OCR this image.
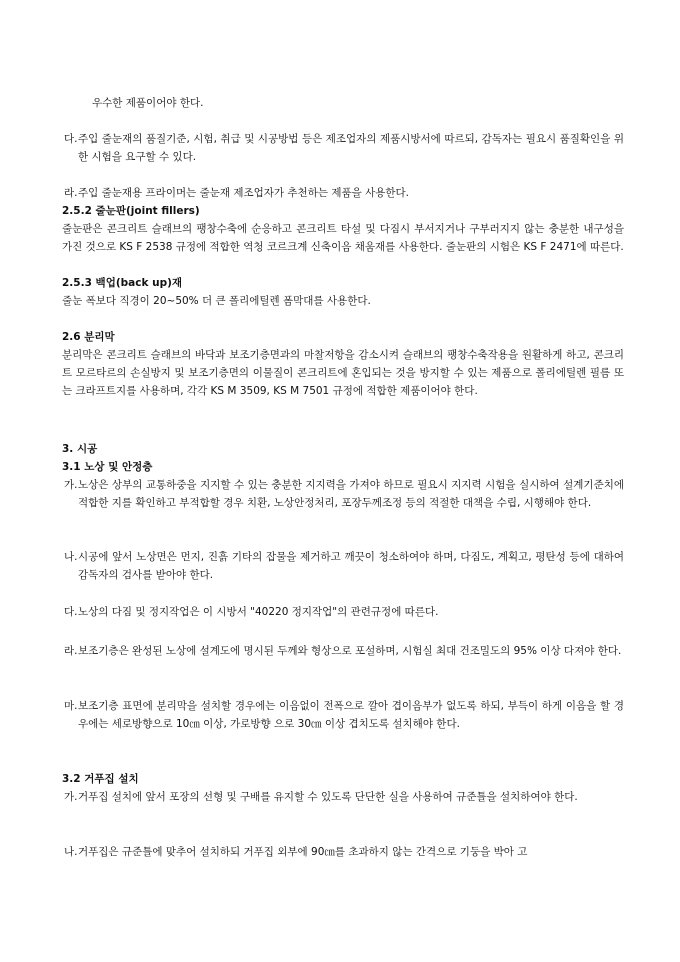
우수한 제품이어야 한다.

다. 주입 줄눈재의 품질기준, 시험, 취급 및 시공방법 등은 제조업자의 제품시방서에 따르되, 감독자는 필요시 품질확인을 위한 시험을 요구할 수 있다.
라. 주입 줄눈재용 프라이머는 줄눈재 제조업자가 추천하는 제품을 사용한다.

2.5.2 줄눈판(joint fillers)

줄눈판은 콘크리트 슬래브의 팽창수축에 순응하고 콘크리트 타설 및 다짐시 부서지거나 구부러지지 않는 충분한 내구성을 가진 것으로 KS F 2538 규정에 적합한 역청 코르크계 신축이음 채움재를 사용한다. 줄눈판의 시험은 KS F 2471에 따른다.

2.5.3 백업(back up)재

줄눈 폭보다 직경이 20~50% 더 큰 폴리에틸렌 폼막대를 사용한다.

2.6 분리막

분리막은 콘크리트 슬래브의 바닥과 보조기층면과의 마찰저항을 감소시켜 슬래브의 팽창수축작용을 원활하게 하고, 콘크리트 모르타르의 손실방지 및 보조기층면의 이물질이 콘크리트에 혼입되는 것을 방지할 수 있는 제품으로 폴리에틸렌 필름 또는 크라프트지를 사용하며, 각각 KS M 3509, KS M 7501 규정에 적합한 제품이어야 한다.

3. 시공

3.1 노상 및 안정층

가. 노상은 상부의 교통하중을 지지할 수 있는 충분한 지지력을 가져야 하므로 필요시 지지력 시험을 실시하여 설계기준치에 적합한 지를 확인하고 부적합할 경우 치환, 노상안정처리, 포장두께조정 등의 적절한 대책을 수립, 시행해야 한다.
나. 시공에 앞서 노상면은 먼지, 진흙 기타의 잡물을 제거하고 깨끗이 청소하여야 하며, 다짐도, 계획고, 평탄성 등에 대하여 감독자의 검사를 받아야 한다.
다. 노상의 다짐 및 정지작업은 이 시방서 "40220 정지작업"의 관련규정에 따른다.
라. 보조기층은 완성된 노상에 설계도에 명시된 두께와 형상으로 포설하며, 시험실 최대 건조밀도의 95% 이상 다져야 한다.
마. 보조기층 표면에 분리막을 설치할 경우에는 이음없이 전폭으로 깔아 겹이음부가 없도록 하되, 부득이 하게 이음을 할 경우에는 세로방향으로 10㎝ 이상, 가로방향 으로 30㎝ 이상 겹치도록 설치해야 한다.

3.2 거푸집 설치

가. 거푸집 설치에 앞서 포장의 선형 및 구배를 유지할 수 있도록 단단한 실을 사용하여 규준틀을 설치하여야 한다.
나. 거푸집은 규준틀에 맞추어 설치하되 거푸집 외부에 90㎝를 초과하지 않는 간격으로 기둥을 박아 고
